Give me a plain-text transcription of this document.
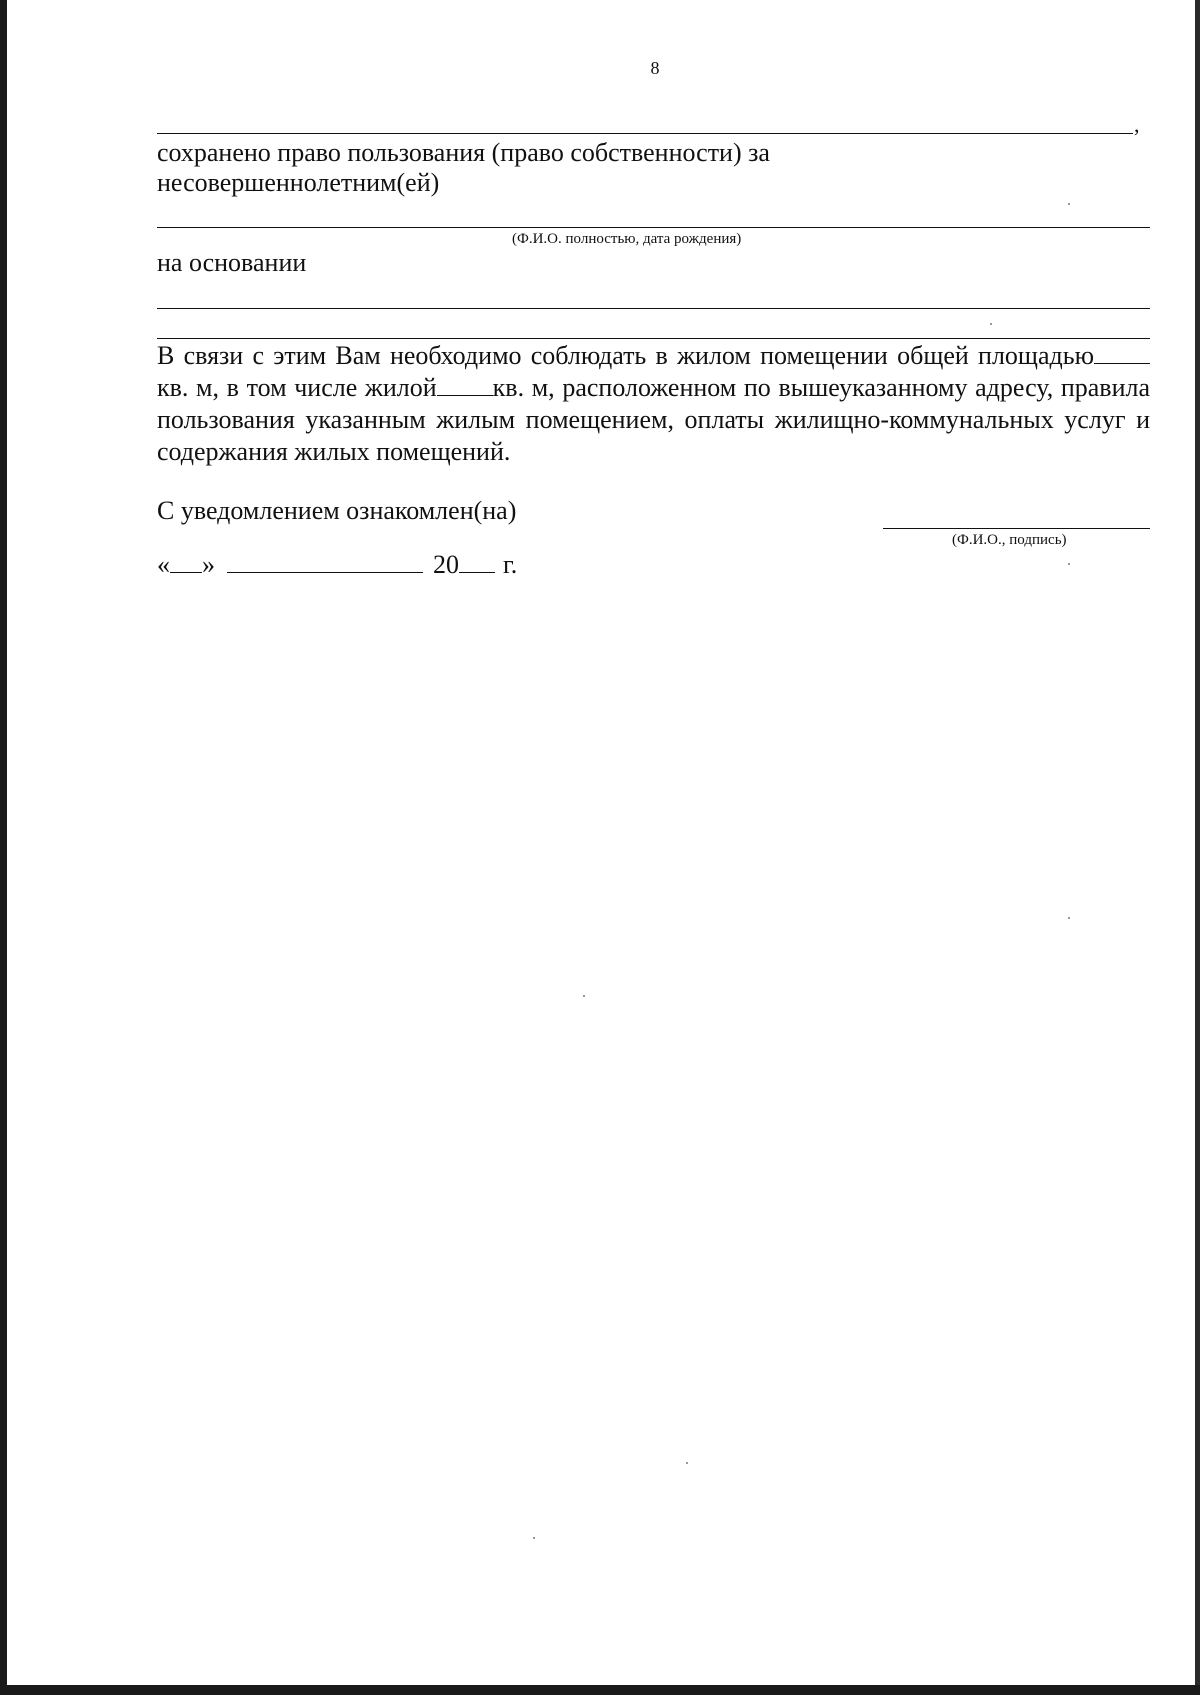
8
,
сохранено право пользования (право собственности) за
несовершеннолетним(ей)
(Ф.И.О. полностью, дата рождения)
на основании
В связи с этим Вам необходимо соблюдать в жилом помещении общей площадьюкв. м, в том числе жилой кв. м, расположенном по вышеуказанному адресу, правила пользования указанным жилым помещением, оплаты жилищно-коммунальных услуг и содержания жилых помещений.
С уведомлением ознакомлен(на)
(Ф.И.О., подпись)
« »	20 г.
